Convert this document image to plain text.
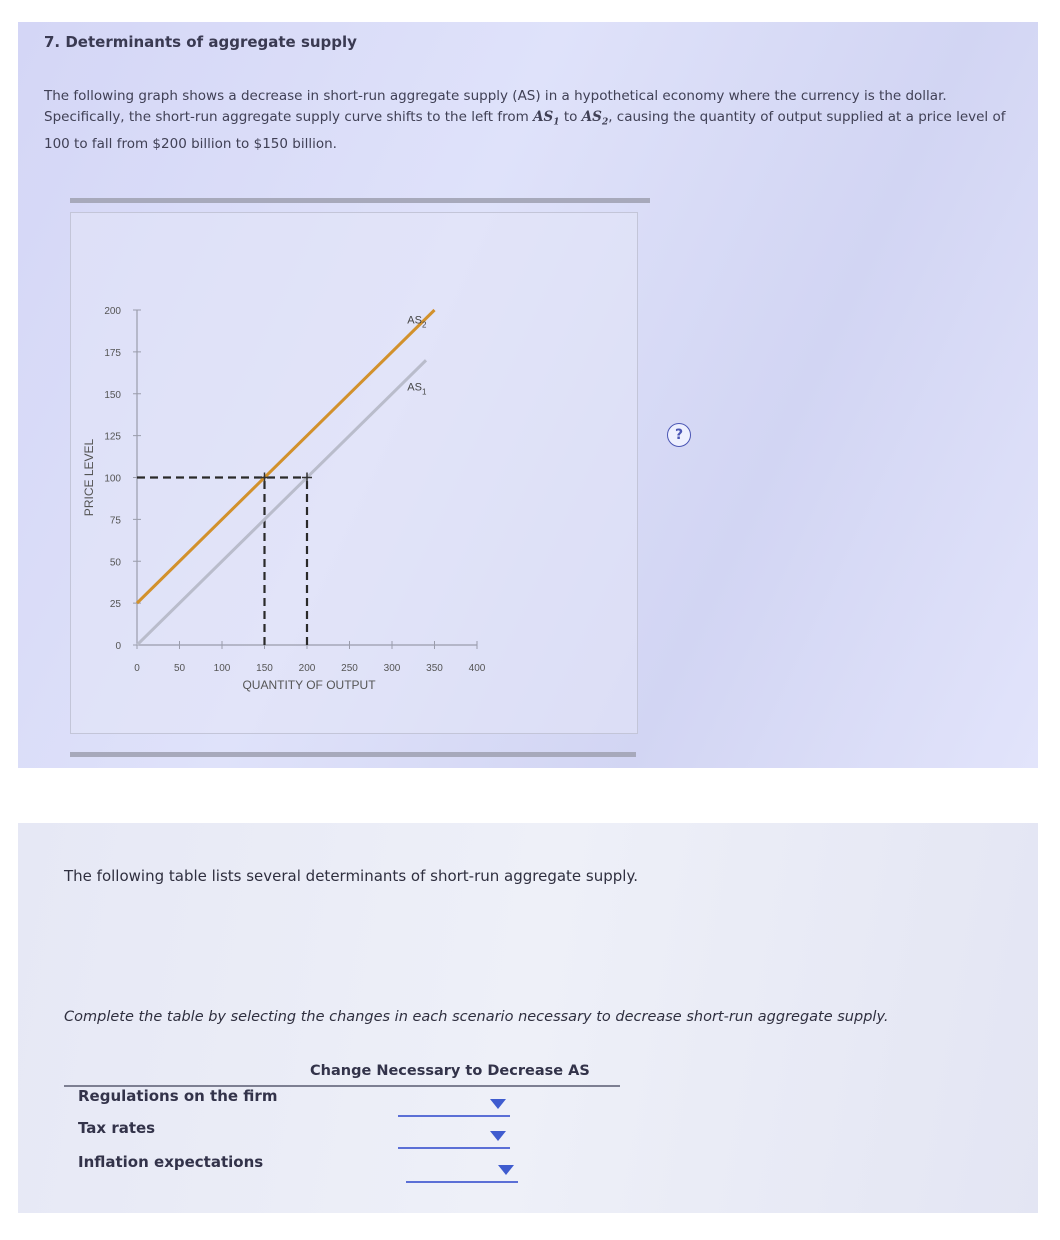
7. Determinants of aggregate supply
The following graph shows a decrease in short-run aggregate supply (AS) in a hypothetical economy where the currency is the dollar. Specifically, the short-run aggregate supply curve shifts to the left from $AS_1$ to $AS_2$, causing the quantity of output supplied at a price level of 100 to fall from $200 billion to $150 billion.
0
25
50
75
100
125
150
175
200
0	50	100	150	200	250	300	350	400
QUANTITY OF OUTPUT
PRICE LEVEL
$AS_1$
$AS_2$
?
The following table lists several determinants of short-run aggregate supply.
Complete the table by selecting the changes in each scenario necessary to decrease short-run aggregate supply.
Change Necessary to Decrease AS
Regulations on the firm
Tax rates
Inflation expectations
